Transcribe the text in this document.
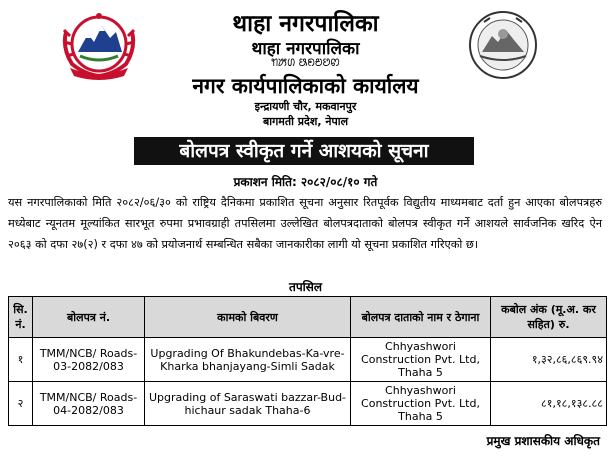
थाहा नगरपालिका
थाहा नगरपालिका
ꢒꢓꢔ ꢕꢖꢗꢘꢙ
नगर कार्यपालिकाको कार्यालय
इन्द्रायणी चौर, मकवानपुर
बागमती प्रदेश, नेपाल
बोलपत्र स्वीकृत गर्ने आशयको सूचना
प्रकाशन मिति: २०८२/०८/१० गते
यस नगरपालिकाको मिति २०८२/०६/३० को राष्ट्रिय दैनिकमा प्रकाशित सूचना अनुसार रितपूर्वक विद्युतीय माध्यमबाट दर्ता हुन आएका बोलपत्रहरु मध्येबाट न्यूनतम मूल्यांकित सारभूत रुपमा प्रभावग्राही तपसिलमा उल्लेखित बोलपत्रदाताको बोलपत्र स्वीकृत गर्ने आशयले सार्वजनिक खरिद ऐन २०६३ को दफा २७(२) र दफा ४७ को प्रयोजनार्थ सम्बन्धित सबैका जानकारीका लागी यो सूचना प्रकाशित गरिएको छ।
तपसिल
सि. नं.	बोलपत्र नं.	कामको बिवरण	बोलपत्र दाताको नाम र ठेगाना	कबोल अंक (मू.अ. कर सहित) रु.
१	TMM/NCB/ Roads-03-2082/083	Upgrading Of Bhakundebas-Ka-vre-Kharka bhanjayang-Simli Sadak	Chhyashwori Construction Pvt. Ltd, Thaha 5	१,३२,८६,८६९.९४
२	TMM/NCB/ Roads-04-2082/083	Upgrading of Saraswati bazzar-Bud-hichaur sadak Thaha-6	Chhyashwori Construction Pvt. Ltd, Thaha 5	८१,१८,१३८.८८
प्रमुख प्रशासकीय अधिकृत
